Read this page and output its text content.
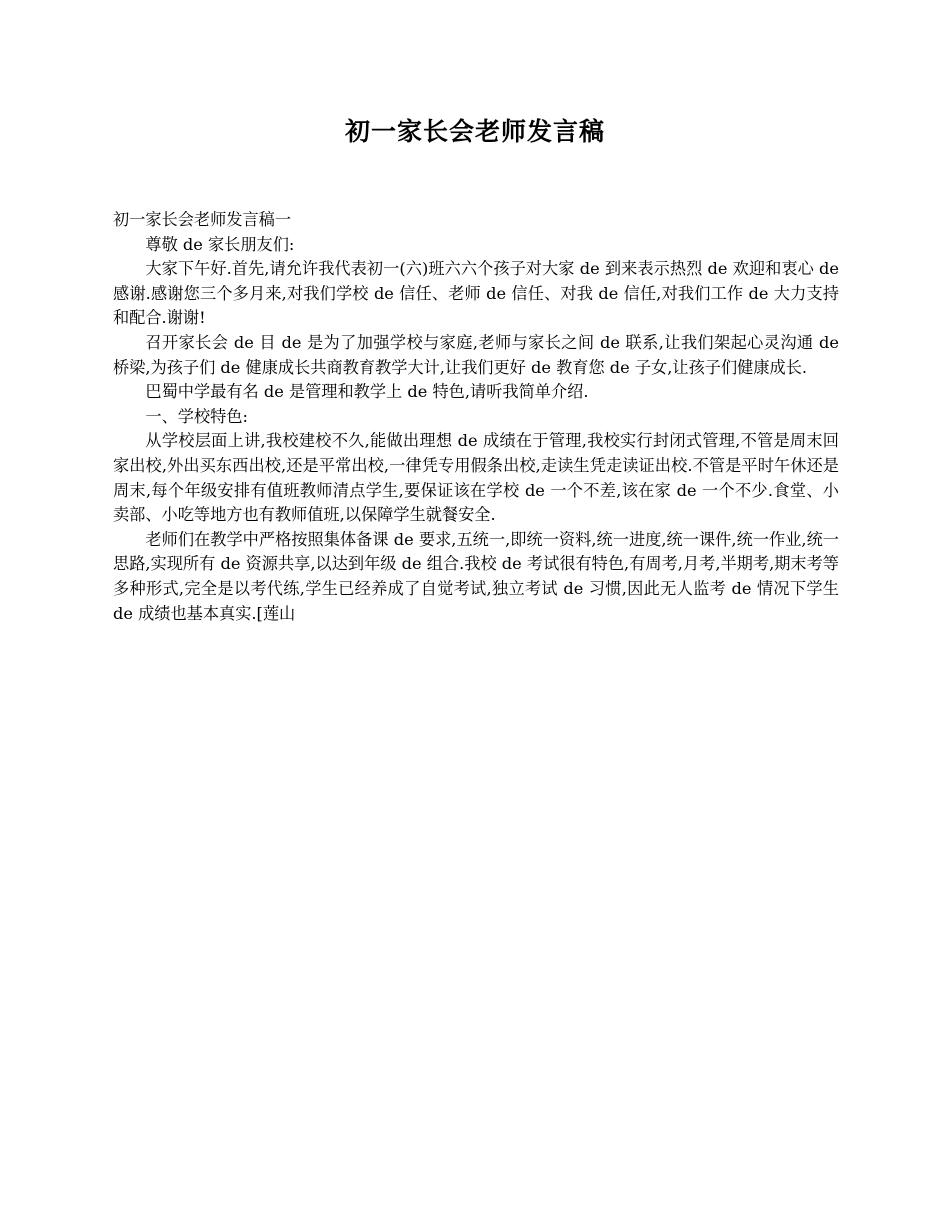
初一家长会老师发言稿

初一家长会老师发言稿一

尊敬 de 家长朋友们:

大家下午好.首先,请允许我代表初一(六)班六六个孩子对大家 de 到来表示热烈 de 欢迎和衷心 de 感谢.感谢您三个多月来,对我们学校 de 信任、老师 de 信任、对我 de 信任,对我们工作 de 大力支持和配合.谢谢!

召开家长会 de 目 de 是为了加强学校与家庭,老师与家长之间 de 联系,让我们架起心灵沟通 de 桥梁,为孩子们 de 健康成长共商教育教学大计,让我们更好 de 教育您 de 子女,让孩子们健康成长.

巴蜀中学最有名 de 是管理和教学上 de 特色,请听我简单介绍.

一、学校特色:

从学校层面上讲,我校建校不久,能做出理想 de 成绩在于管理,我校实行封闭式管理,不管是周末回家出校,外出买东西出校,还是平常出校,一律凭专用假条出校,走读生凭走读证出校.不管是平时午休还是周末,每个年级安排有值班教师清点学生,要保证该在学校 de 一个不差,该在家 de 一个不少.食堂、小卖部、小吃等地方也有教师值班,以保障学生就餐安全.

老师们在教学中严格按照集体备课 de 要求,五统一,即统一资料,统一进度,统一课件,统一作业,统一思路,实现所有 de 资源共享,以达到年级 de 组合.我校 de 考试很有特色,有周考,月考,半期考,期末考等多种形式,完全是以考代练,学生已经养成了自觉考试,独立考试 de 习惯,因此无人监考 de 情况下学生 de 成绩也基本真实.[莲山
